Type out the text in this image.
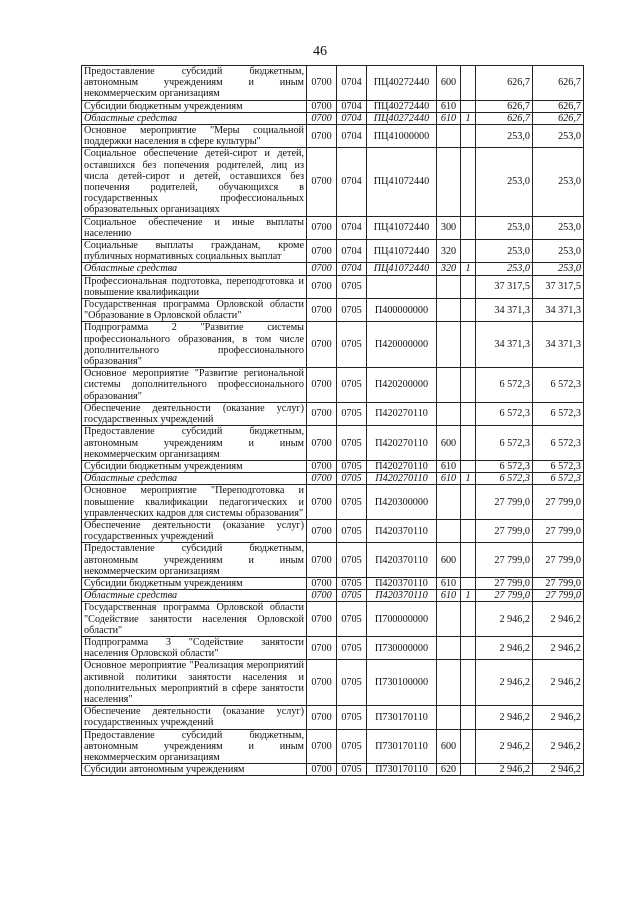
46
Предоставление субсидий бюджетным, автономным учреждениям и иным некоммерческим организациям	0700	0704	ПЦ40272440	600		626,7	626,7
Субсидии бюджетным учреждениям	0700	0704	ПЦ40272440	610		626,7	626,7
Областные средства	0700	0704	ПЦ40272440	610	1	626,7	626,7
Основное мероприятие "Меры социальной поддержки населения в сфере культуры"	0700	0704	ПЦ41000000			253,0	253,0
Социальное обеспечение детей-сирот и детей, оставшихся без попечения родителей, лиц из числа детей-сирот и детей, оставшихся без попечения родителей, обучающихся в государственных профессиональных образовательных организациях	0700	0704	ПЦ41072440			253,0	253,0
Социальное обеспечение и иные выплаты населению	0700	0704	ПЦ41072440	300		253,0	253,0
Социальные выплаты гражданам, кроме публичных нормативных социальных выплат	0700	0704	ПЦ41072440	320		253,0	253,0
Областные средства	0700	0704	ПЦ41072440	320	1	253,0	253,0
Профессиональная подготовка, переподготовка и повышение квалификации	0700	0705				37 317,5	37 317,5
Государственная программа Орловской области "Образование в Орловской области"	0700	0705	П400000000			34 371,3	34 371,3
Подпрограмма 2 "Развитие системы профессионального образования, в том числе дополнительного профессионального образования"	0700	0705	П420000000			34 371,3	34 371,3
Основное мероприятие "Развитие региональной системы дополнительного профессионального образования"	0700	0705	П420200000			6 572,3	6 572,3
Обеспечение деятельности (оказание услуг) государственных учреждений	0700	0705	П420270110			6 572,3	6 572,3
Предоставление субсидий бюджетным, автономным учреждениям и иным некоммерческим организациям	0700	0705	П420270110	600		6 572,3	6 572,3
Субсидии бюджетным учреждениям	0700	0705	П420270110	610		6 572,3	6 572,3
Областные средства	0700	0705	П420270110	610	1	6 572,3	6 572,3
Основное мероприятие "Переподготовка и повышение квалификации педагогических и управленческих кадров для системы образования"	0700	0705	П420300000			27 799,0	27 799,0
Обеспечение деятельности (оказание услуг) государственных учреждений	0700	0705	П420370110			27 799,0	27 799,0
Предоставление субсидий бюджетным, автономным учреждениям и иным некоммерческим организациям	0700	0705	П420370110	600		27 799,0	27 799,0
Субсидии бюджетным учреждениям	0700	0705	П420370110	610		27 799,0	27 799,0
Областные средства	0700	0705	П420370110	610	1	27 799,0	27 799,0
Государственная программа Орловской области "Содействие занятости населения Орловской области"	0700	0705	П700000000			2 946,2	2 946,2
Подпрограмма 3 "Содействие занятости населения Орловской области"	0700	0705	П730000000			2 946,2	2 946,2
Основное мероприятие "Реализация мероприятий активной политики занятости населения и дополнительных мероприятий в сфере занятости населения"	0700	0705	П730100000			2 946,2	2 946,2
Обеспечение деятельности (оказание услуг) государственных учреждений	0700	0705	П730170110			2 946,2	2 946,2
Предоставление субсидий бюджетным, автономным учреждениям и иным некоммерческим организациям	0700	0705	П730170110	600		2 946,2	2 946,2
Субсидии автономным учреждениям	0700	0705	П730170110	620		2 946,2	2 946,2
